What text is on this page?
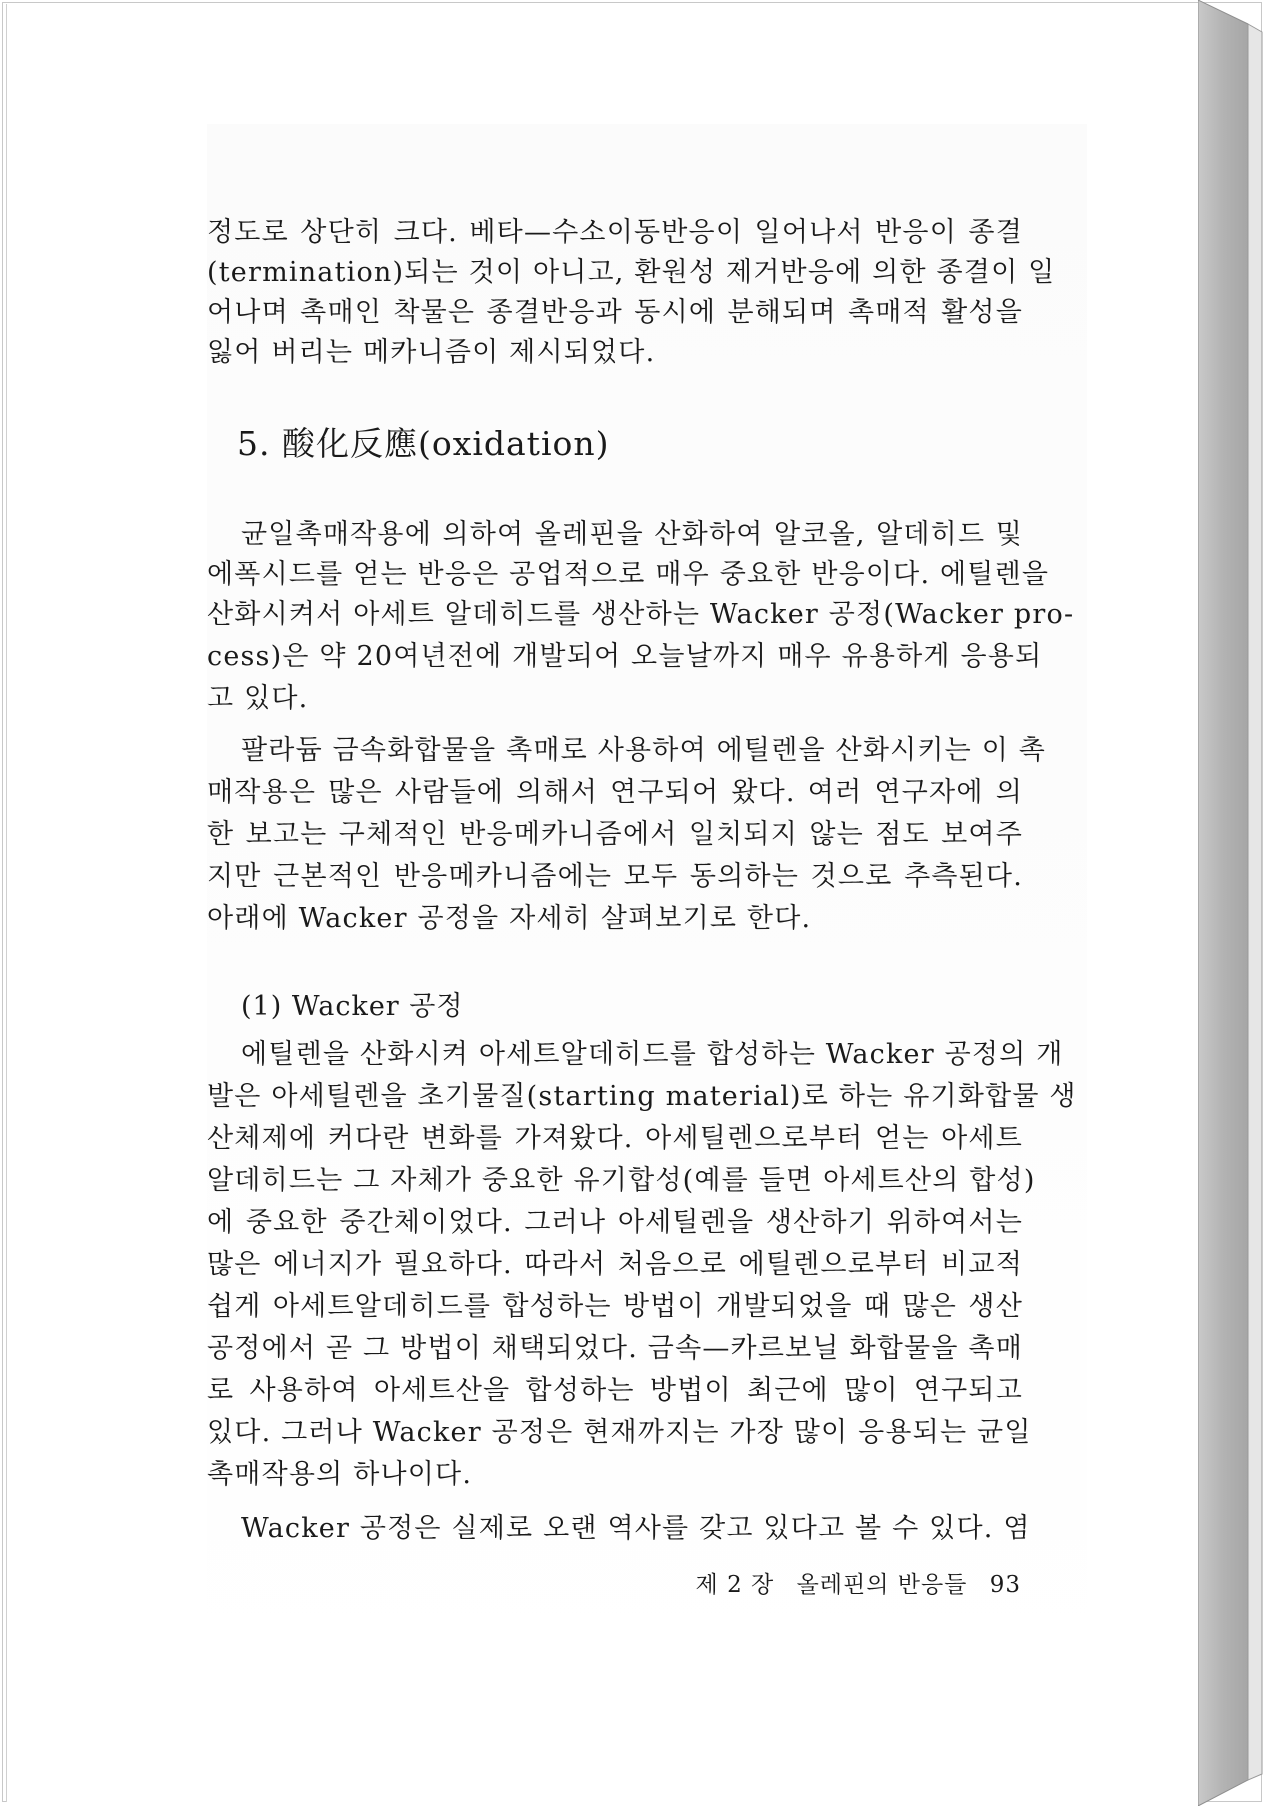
정도로 상단히 크다. 베타—수소이동반응이 일어나서 반응이 종결
(termination)되는 것이 아니고, 환원성 제거반응에 의한 종결이 일
어나며 촉매인 착물은 종결반응과 동시에 분해되며 촉매적 활성을
잃어 버리는 메카니즘이 제시되었다.
5. 酸化反應(oxidation)
균일촉매작용에 의하여 올레핀을 산화하여 알코올, 알데히드 및
에폭시드를 얻는 반응은 공업적으로 매우 중요한 반응이다. 에틸렌을
산화시켜서 아세트 알데히드를 생산하는 Wacker 공정(Wacker pro-
cess)은 약 20여년전에 개발되어 오늘날까지 매우 유용하게 응용되
고 있다.
팔라듐 금속화합물을 촉매로 사용하여 에틸렌을 산화시키는 이 촉
매작용은 많은 사람들에 의해서 연구되어 왔다. 여러 연구자에 의
한 보고는 구체적인 반응메카니즘에서 일치되지 않는 점도 보여주
지만 근본적인 반응메카니즘에는 모두 동의하는 것으로 추측된다.
아래에 Wacker 공정을 자세히 살펴보기로 한다.
(1) Wacker 공정
에틸렌을 산화시켜 아세트알데히드를 합성하는 Wacker 공정의 개
발은 아세틸렌을 초기물질(starting material)로 하는 유기화합물 생
산체제에 커다란 변화를 가져왔다. 아세틸렌으로부터 얻는 아세트
알데히드는 그 자체가 중요한 유기합성(예를 들면 아세트산의 합성)
에 중요한 중간체이었다. 그러나 아세틸렌을 생산하기 위하여서는
많은 에너지가 필요하다. 따라서 처음으로 에틸렌으로부터 비교적
쉽게 아세트알데히드를 합성하는 방법이 개발되었을 때 많은 생산
공정에서 곧 그 방법이 채택되었다. 금속—카르보닐 화합물을 촉매
로 사용하여 아세트산을 합성하는 방법이 최근에 많이 연구되고
있다. 그러나 Wacker 공정은 현재까지는 가장 많이 응용되는 균일
촉매작용의 하나이다.
Wacker 공정은 실제로 오랜 역사를 갖고 있다고 볼 수 있다. 염
제 2 장 올레핀의 반응들 93
